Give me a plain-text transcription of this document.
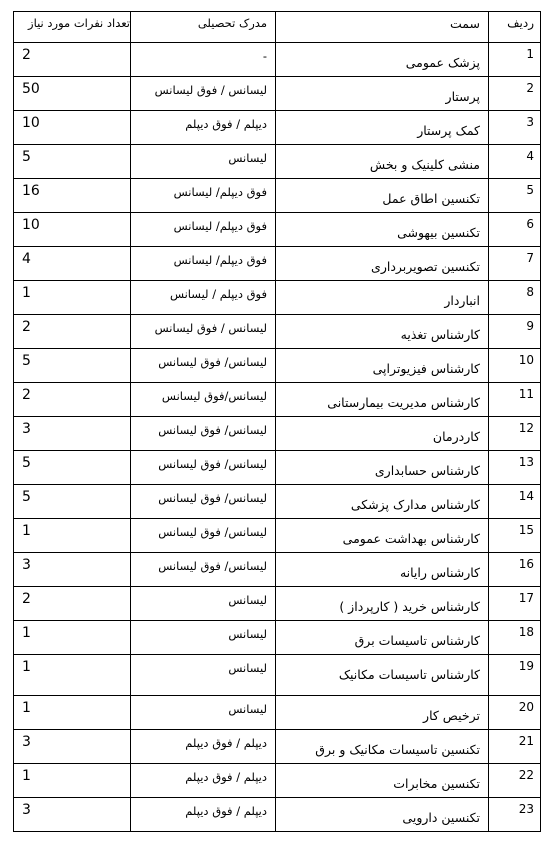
ردیف	سمت	مدرک تحصیلی	تعداد نفرات مورد نیاز
1	پزشک عمومی	-	2
2	پرستار	لیسانس / فوق لیسانس	50
3	کمک پرستار	دیپلم / فوق دیپلم	10
4	منشی کلینیک و بخش	لیسانس	5
5	تکنسین اطاق عمل	فوق دیپلم/ لیسانس	16
6	تکنسین بیهوشی	فوق دیپلم/ لیسانس	10
7	تکنسین تصویربرداری	فوق دیپلم/ لیسانس	4
8	انباردار	فوق دیپلم / لیسانس	1
9	کارشناس تغذیه	لیسانس / فوق لیسانس	2
10	کارشناس فیزیوتراپی	لیسانس/ فوق لیسانس	5
11	کارشناس مدیریت بیمارستانی	لیسانس/فوق لیسانس	2
12	کاردرمان	لیسانس/ فوق لیسانس	3
13	کارشناس حسابداری	لیسانس/ فوق لیسانس	5
14	کارشناس مدارک پزشکی	لیسانس/ فوق لیسانس	5
15	کارشناس بهداشت عمومی	لیسانس/ فوق لیسانس	1
16	کارشناس رایانه	لیسانس/ فوق لیسانس	3
17	کارشناس خرید ( کارپرداز )	لیسانس	2
18	کارشناس تاسیسات برق	لیسانس	1
19	کارشناس تاسیسات مکانیک	لیسانس	1
20	ترخیص کار	لیسانس	1
21	تکنسین تاسیسات مکانیک و برق	دیپلم / فوق دیپلم	3
22	تکنسین مخابرات	دیپلم / فوق دیپلم	1
23	تکنسین دارویی	دیپلم / فوق دیپلم	3
